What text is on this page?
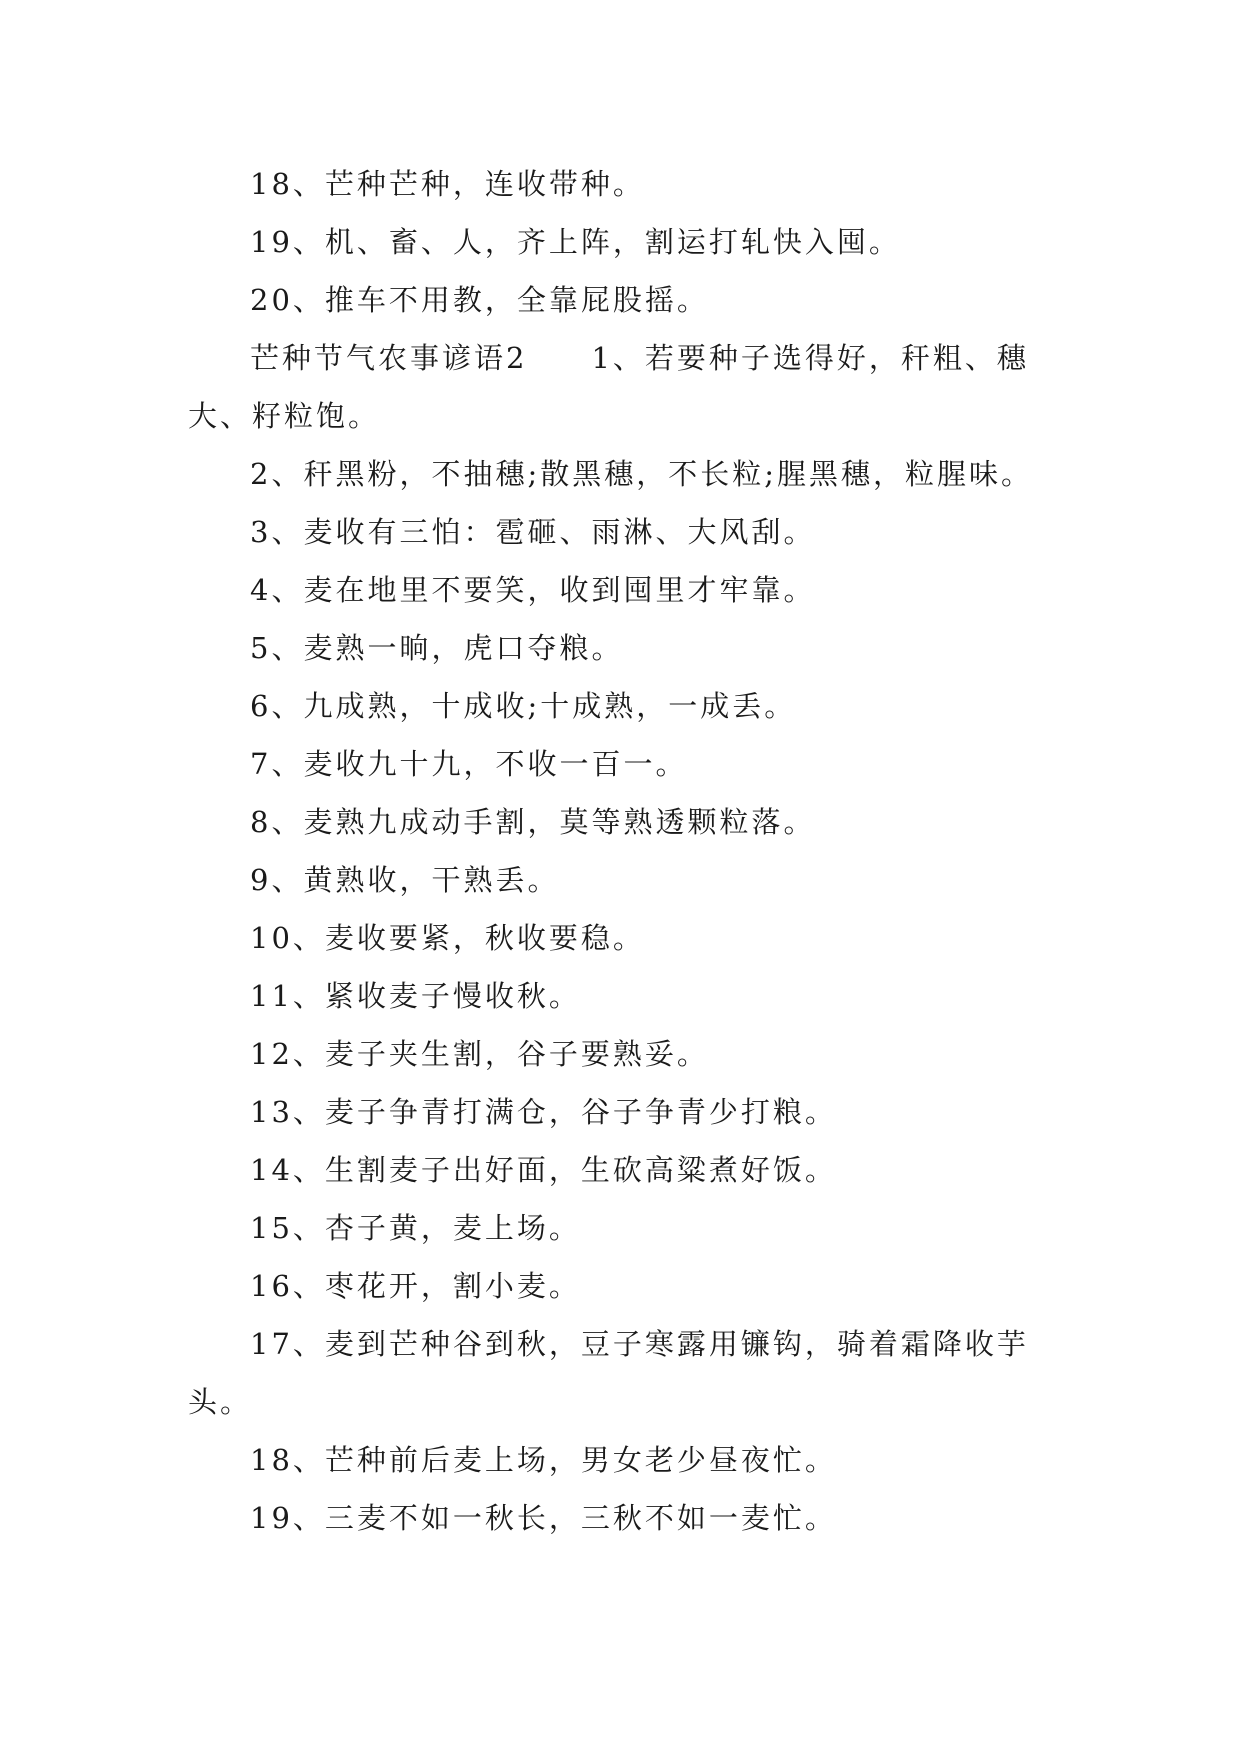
18、芒种芒种，连收带种。
19、机、畜、人，齐上阵，割运打轧快入囤。
20、推车不用教，全靠屁股摇。
芒种节气农事谚语2　　1、若要种子选得好，秆粗、穗
大、籽粒饱。
2、秆黑粉，不抽穗;散黑穗，不长粒;腥黑穗，粒腥味。
3、麦收有三怕：雹砸、雨淋、大风刮。
4、麦在地里不要笑，收到囤里才牢靠。
5、麦熟一晌，虎口夺粮。
6、九成熟，十成收;十成熟，一成丢。
7、麦收九十九，不收一百一。
8、麦熟九成动手割，莫等熟透颗粒落。
9、黄熟收，干熟丢。
10、麦收要紧，秋收要稳。
11、紧收麦子慢收秋。
12、麦子夹生割，谷子要熟妥。
13、麦子争青打满仓，谷子争青少打粮。
14、生割麦子出好面，生砍高粱煮好饭。
15、杏子黄，麦上场。
16、枣花开，割小麦。
17、麦到芒种谷到秋，豆子寒露用镰钩，骑着霜降收芋
头。
18、芒种前后麦上场，男女老少昼夜忙。
19、三麦不如一秋长，三秋不如一麦忙。
